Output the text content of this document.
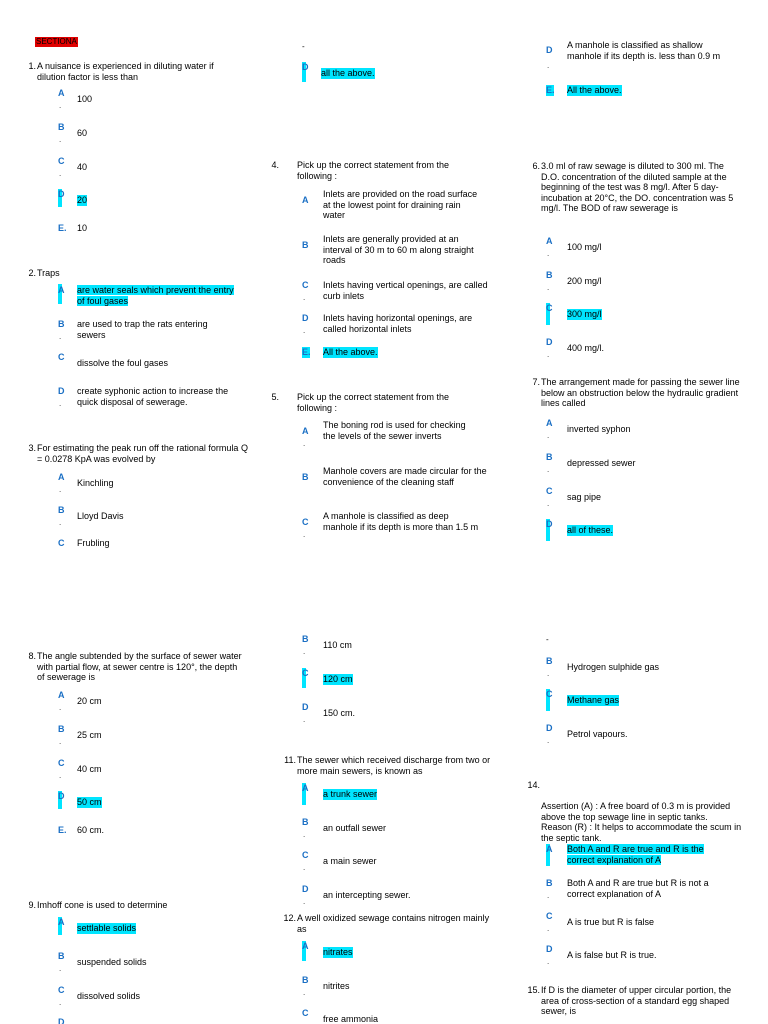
SECTIONA
1. A nuisance is experienced in diluting water if dilution factor is less than
A
.
100
B
.
60
C
.
40
D
20
E. 10
2. Traps
A are water seals which prevent the entry of foul gases
B
.
are used to trap the rats entering sewers
C
dissolve the foul gases
D
.
create syphonic action to increase the quick disposal of sewerage.
3. For estimating the peak run off the rational formula Q = 0.0278 KpA was evolved by
A
.
Kinchling
B
.
Lloyd Davis
C Frubling
8. The angle subtended by the surface of sewer water with partial flow, at sewer centre is 120°, the depth of sewerage is
A
.
20 cm
B
.
25 cm
C
.
40 cm
D
50 cm
E. 60 cm.
9. Imhoff cone is used to determine
A
settlable solids
B
.
suspended solids
C
.
dissolved solids
D
-
D
all the above.
4. Pick up the correct statement from the following :
A
Inlets are provided on the road surface at the lowest point for draining rain water
B
Inlets are generally provided at an interval of 30 m to 60 m along straight roads
C
.
Inlets having vertical openings, are called curb inlets
D
.
Inlets having horizontal openings, are called horizontal inlets
E. All the above.
5. Pick up the correct statement from the following :
A
.
The boning rod is used for checking the levels of the sewer inverts
B
Manhole covers are made circular for the convenience of the cleaning staff
C
.
A manhole is classified as deep manhole if its depth is more than 1.5 m
B
.
110 cm
C
120 cm
D
.
150 cm.
11. The sewer which received discharge from two or more main sewers, is known as
A
a trunk sewer
B
.
an outfall sewer
C
.
a main sewer
D
.
an intercepting sewer.
12. A well oxidized sewage contains nitrogen mainly as
A
nitrates
B
.
nitrites
C
free ammonia
D
.
A manhole is classified as shallow manhole if its depth is. less than 0.9 m
E. All the above.
6. 3.0 ml of raw sewage is diluted to 300 ml. The D.O. concentration of the diluted sample at the beginning of the test was 8 mg/l. After 5 day-incubation at 20°C, the DO. concentration was 5 mg/l. The BOD of raw sewerage is
A
.
100 mg/l
B
.
200 mg/l
C
300 mg/l
D
.
400 mg/l.
7. The arrangement made for passing the sewer line below an obstruction below the hydraulic gradient lines called
A
.
inverted syphon
B
.
depressed sewer
C
.
sag pipe
D
all of these.
-
B
.
Hydrogen sulphide gas
C
Methane gas
D
.
Petrol vapours.

14.

Assertion (A) : A free board of 0.3 m is provided above the top sewage line in septic tanks.
Reason (R) : It helps to accommodate the scum in the septic tank.

A Both A and R are true and R is the correct explanation of A
B
.
Both A and R are true but R is not a correct explanation of A
C
.
A is true but R is false
D
.
A is false but R is true.
15. If D is the diameter of upper circular portion, the area of cross-section of a standard egg shaped sewer, is
